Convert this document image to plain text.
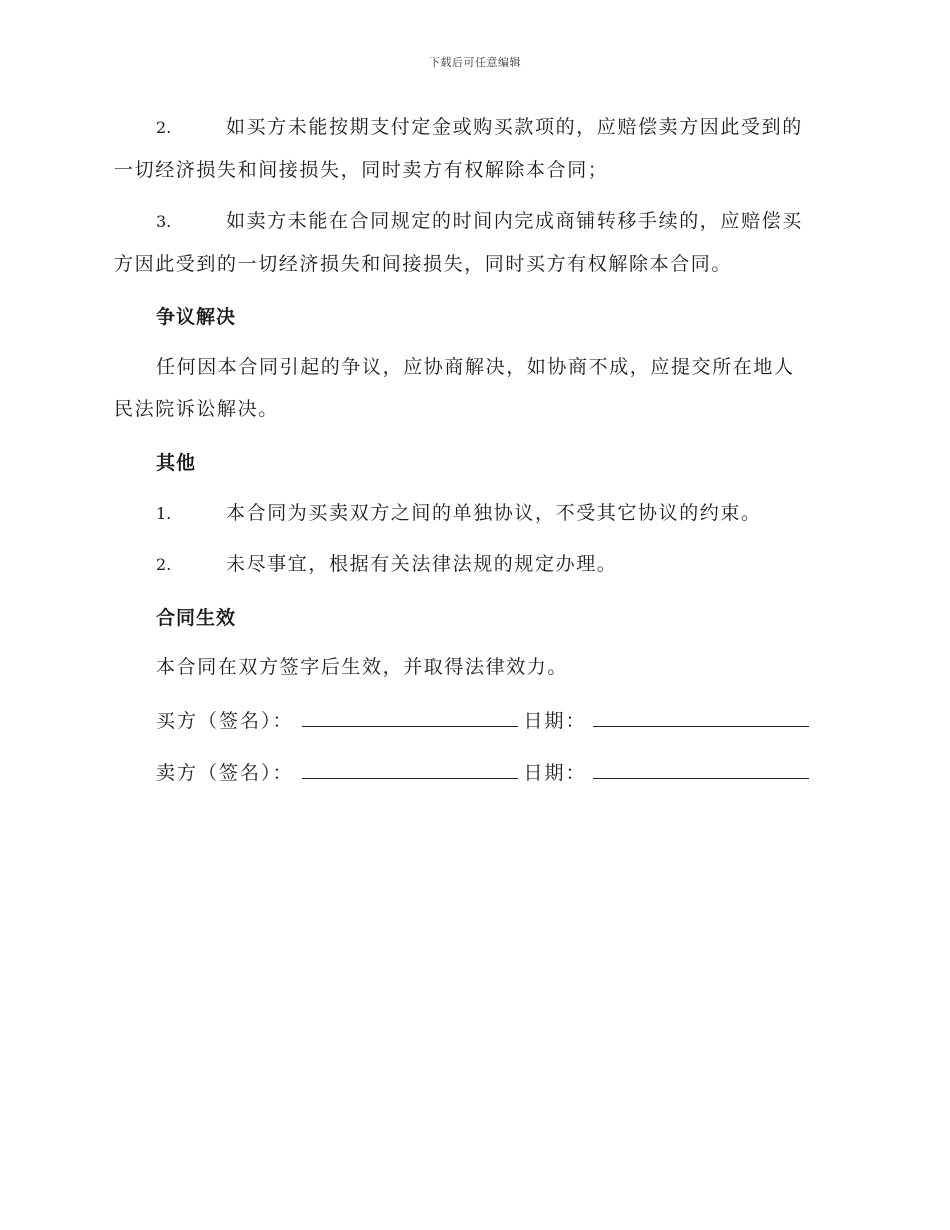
下载后可任意编辑
2.	如买方未能按期支付定金或购买款项的，应赔偿卖方因此受到的
一切经济损失和间接损失，同时卖方有权解除本合同；
3.	如卖方未能在合同规定的时间内完成商铺转移手续的，应赔偿买
方因此受到的一切经济损失和间接损失，同时买方有权解除本合同。
争议解决
任何因本合同引起的争议，应协商解决，如协商不成，应提交所在地人
民法院诉讼解决。
其他
1.	本合同为买卖双方之间的单独协议，不受其它协议的约束。
2.	未尽事宜，根据有关法律法规的规定办理。
合同生效
本合同在双方签字后生效，并取得法律效力。
买方（签名）：	日期：
卖方（签名）：	日期：
